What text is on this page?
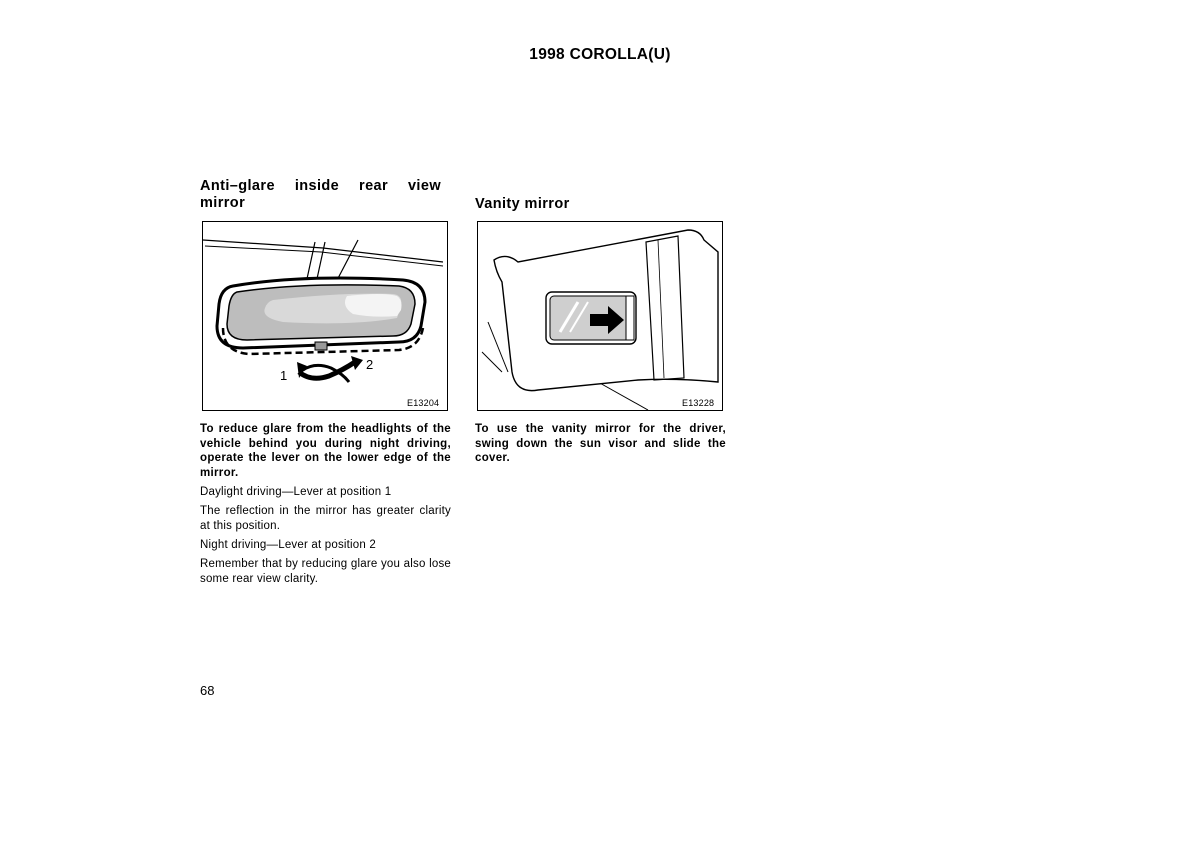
1998 COROLLA(U)
Anti–glare inside rear view
mirror
1
2
E13204
To reduce glare from the headlights of the vehicle behind you during night driving, operate the lever on the lower edge of the mirror.
Daylight driving—Lever at position 1
The reflection in the mirror has greater clarity at this position.
Night driving—Lever at position 2
Remember that by reducing glare you also lose some rear view clarity.
Vanity mirror
E13228
To use the vanity mirror for the driver, swing down the sun visor and slide the cover.
68
